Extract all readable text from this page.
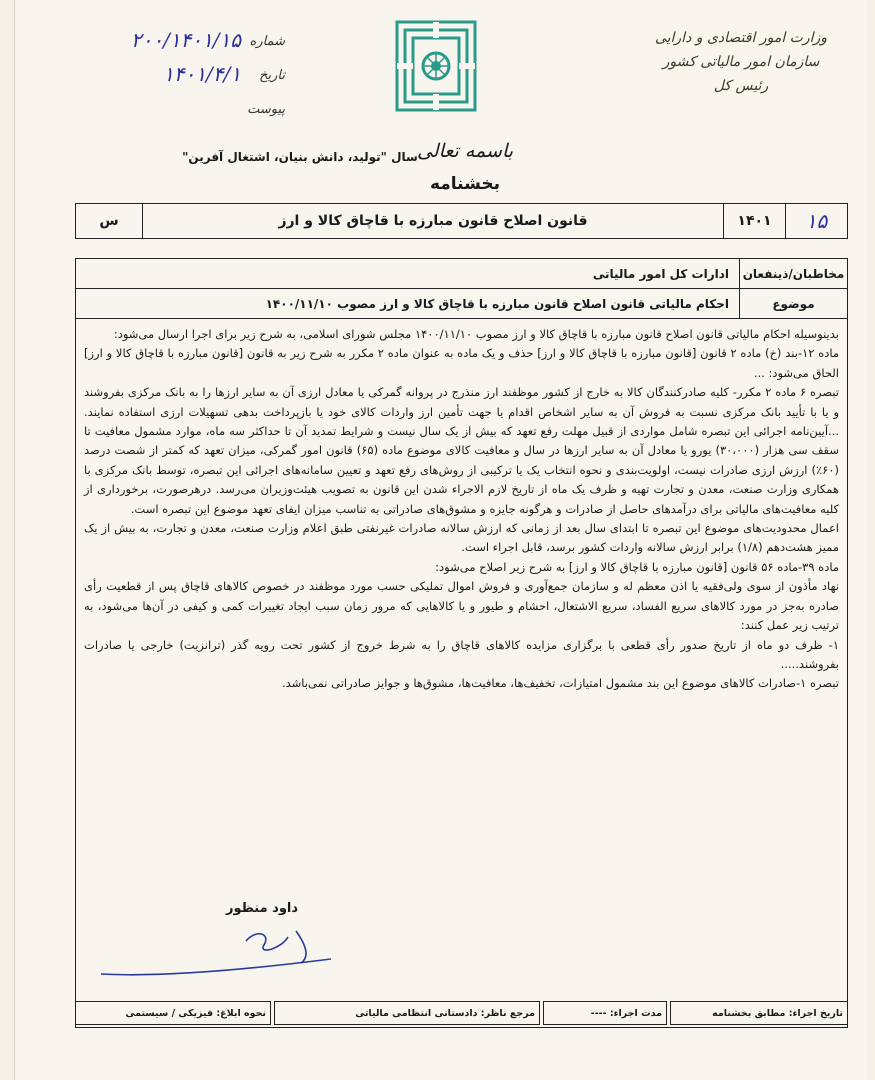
وزارت امور اقتصادی و دارایی
سازمان امور مالیاتی کشور
رئیس کل
شماره
۲۰۰/۱۴۰۱/۱۵
تاریخ
۱۴۰۱/۴/۱
پیوست
سال "تولید، دانش بنیان، اشتغال آفرین" باسمه تعالی
بخشنامه
۱۵
۱۴۰۱
قانون اصلاح قانون مبارزه با قاچاق کالا و ارز
س
مخاطبان/ذینفعان
ادارات کل امور مالیاتی
موضوع
احکام مالیاتی قانون اصلاح قانون مبارزه با قاچاق کالا و ارز مصوب ۱۴۰۰/۱۱/۱۰

بدینوسیله احکام مالیاتی قانون اصلاح قانون مبارزه با قاچاق کالا و ارز مصوب ۱۴۰۰/۱۱/۱۰ مجلس شورای اسلامی، به شرح زیر برای اجرا ارسال می‌شود:

ماده ۱۲-بند (خ) ماده ۲ قانون [قانون مبارزه با قاچاق کالا و ارز] حذف و یک ماده به عنوان ماده ۲ مکرر به شرح زیر به قانون [قانون مبارزه با قاچاق کالا و ارز] الحاق می‌شود: ...

تبصره ۶ ماده ۲ مکرر- کلیه صادرکنندگان کالا به خارج از کشور موظفند ارز منذرج در پروانه گمرکی یا معادل ارزی آن به سایر ارزها را به بانک مرکزی بفروشند و یا با تأیید بانک مرکزی نسبت به فروش آن به سایر اشخاص اقدام یا جهت تأمین ارز واردات کالای خود یا بازپرداخت بدهی تسهیلات ارزی استفاده نمایند. ...آیین‌نامه اجرائی این تبصره شامل مواردی از قبیل مهلت رفع تعهد که بیش از یک سال نیست و شرایط تمدید آن تا حداکثر سه ماه، موارد مشمول معافیت تا سقف سی هزار (۳۰،۰۰۰) یورو یا معادل آن به سایر ارزها در سال و معافیت کالای موضوع ماده (۶۵) قانون امور گمرکی، میزان تعهد که کمتر از شصت درصد (۶۰٪) ارزش ارزی صادرات نیست، اولویت‌بندی و نحوه انتخاب یک یا ترکیبی از روش‌های رفع تعهد و تعیین سامانه‌های اجرائی این تبصره، توسط بانک مرکزی با همکاری وزارت صنعت، معدن و تجارت تهیه و ظرف یک ماه از تاریخ لازم الاجراء شدن این قانون به تصویب هیئت‌وزیران می‌رسد. درهرصورت، برخورداری از کلیه معافیت‌های مالیاتی برای درآمدهای حاصل از صادرات و هرگونه جایزه و مشوق‌های صادراتی به تناسب میزان ایفای تعهد موضوع این تبصره است.

اعمال محدودیت‌های موضوع این تبصره تا ابتدای سال بعد از زمانی که ارزش سالانه صادرات غیرنفتی طبق اعلام وزارت صنعت، معدن و تجارت، به بیش از یک ممیز هشت‌دهم (۱/۸) برابر ارزش سالانه واردات کشور برسد، قابل اجراء است.

ماده ۳۹-ماده ۵۶ قانون [قانون مبارزه با قاچاق کالا و ارز] به شرح زیر اصلاح می‌شود:

نهاد مأذون از سوی ولی‌فقیه یا اذن معظم له و سازمان جمع‌آوری و فروش اموال تملیکی حسب مورد موظفند در خصوص کالاهای قاچاق پس از قطعیت رأی صادره به‌جز در مورد کالاهای سریع الفساد، سریع الاشتعال، احشام و طیور و یا کالاهایی که مرور زمان سبب ایجاد تغییرات کمی و کیفی در آن‌ها می‌شود، به ترتیب زیر عمل کنند:

۱- ظرف دو ماه از تاریخ صدور رأی قطعی با برگزاری مزایده کالاهای قاچاق را به شرط خروج از کشور تحت رویه گذر (ترانزیت) خارجی یا صادرات بفروشند.....

تبصره ۱-صادرات کالاهای موضوع این بند مشمول امتیازات، تخفیف‌ها، معافیت‌ها، مشوق‌ها و جوایز صادراتی نمی‌باشد.

داود منظور
تاریخ اجراء: مطابق بخشنامه
مدت اجراء: ----
مرجع ناظر: دادستانی انتظامی مالیاتی
نحوه ابلاغ: فیزیکی / سیستمی
